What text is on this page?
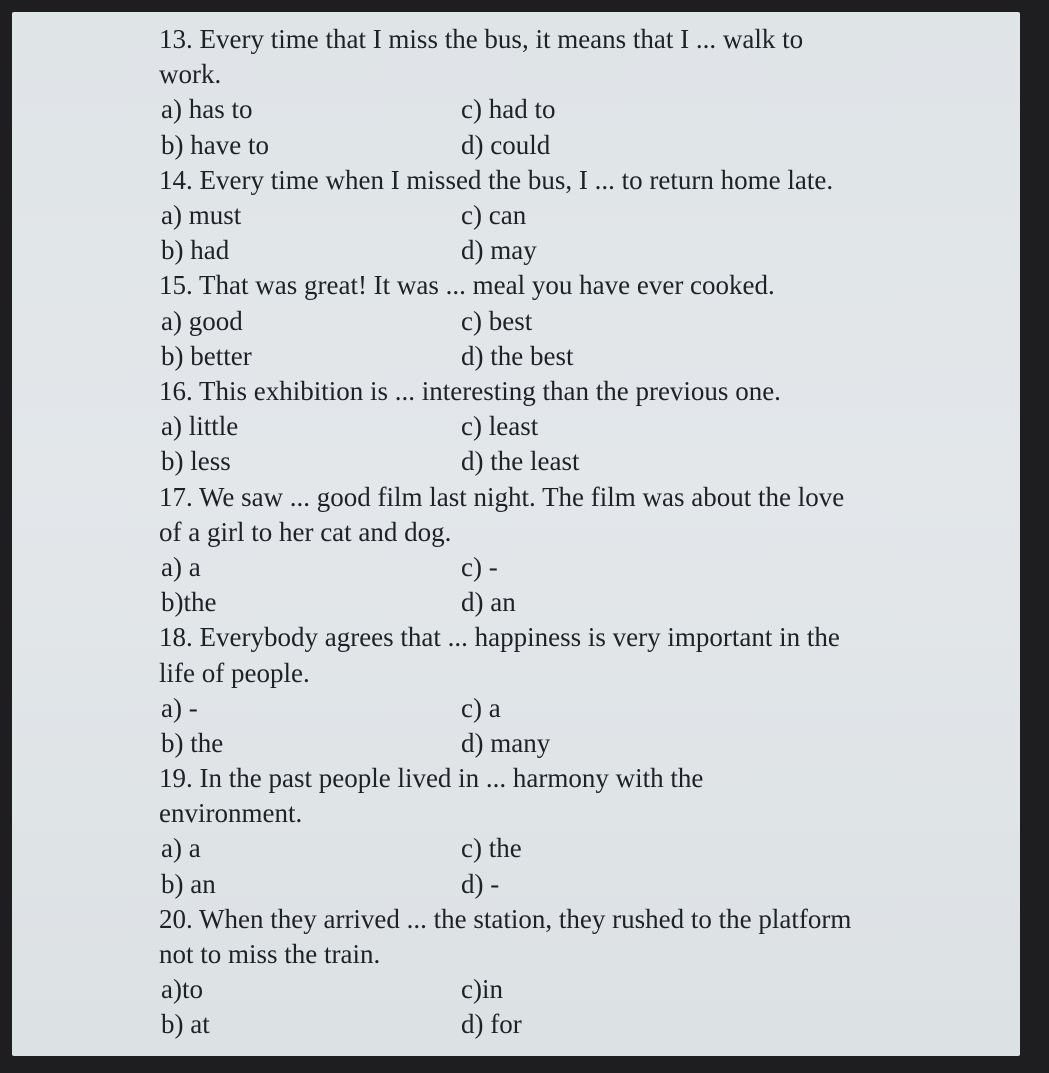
13. Every time that I miss the bus, it means that I ... walk to
work.
a) has to	c) had to
b) have to	d) could
14. Every time when I missed the bus, I ... to return home late.
a) must	c) can
b) had	d) may
15. That was great! It was ... meal you have ever cooked.
a) good	c) best
b) better	d) the best
16. This exhibition is ... interesting than the previous one.
a) little	c) least
b) less	d) the least
17. We saw ... good film last night. The film was about the love
of a girl to her cat and dog.
a) a	c) -
b)the	d) an
18. Everybody agrees that ... happiness is very important in the
life of people.
a) -	c) a
b) the	d) many
19. In the past people lived in ... harmony with the
environment.
a) a	c) the
b) an	d) -
20. When they arrived ... the station, they rushed to the platform
not to miss the train.
a)to	c)in
b) at	d) for
